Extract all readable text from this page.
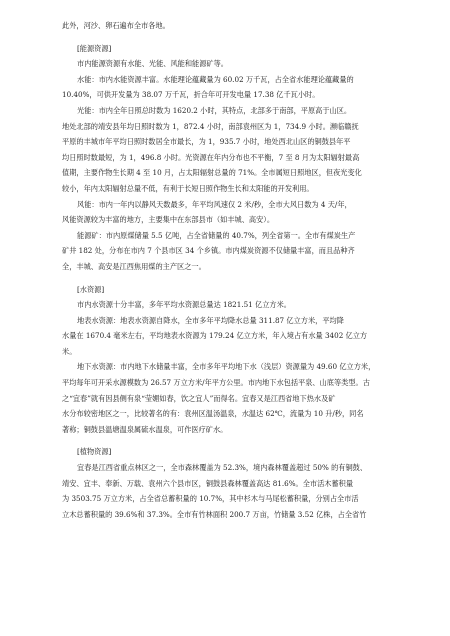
此外，河沙、卵石遍布全市各地。

[能源资源]

市内能源资源有水能、光能、风能和能源矿等。

水能：市内水能资源丰富。水能理论蕴藏量为 60.02 万千瓦，占全省水能理论蕴藏量的

10.40%，可供开发量为 38.07 万千瓦，折合年可开发电量 17.38 亿千瓦小时。

光能：市内全年日照总时数为 1620.2 小时，其特点，北部多于南部，平原高于山区。

地处北部的靖安县年均日照时数为 1，872.4 小时，南部袁州区为 1，734.9 小时。濒临赣抚

平原的丰城市年平均日照时数居全市最长，为 1，935.7 小时，地处西北山区的铜鼓县年平

均日照时数最短，为 1，496.8 小时。光资源在年内分布也不平衡，7 至 8 月为太阳辐射最高

值期，主要作物生长期 4 至 10 月，占太阳辐射总量的 71%。全市属短日照地区，但夜光变化

较小，年内太阳辐射总量不低，有利于长短日照作物生长和太阳能的开发利用。

风能：市内一年内以静风天数最多，年平均风速仅 2 米/秒，全市大风日数为 4 天/年，

风能资源较为丰富的地方，主要集中在东部县市（如丰城、高安）。

能源矿：市内原煤储量 5.5 亿吨，占全省储量的 40.7%，列全省第一。全市有煤炭生产

矿井 182 处，分布在市内 7 个县市区 34 个乡镇。市内煤炭资源不仅储量丰富，而且品种齐

全，丰城、高安是江西焦用煤的主产区之一。

[水资源]

市内水资源十分丰富，多年平均水资源总量达 1821.51 亿立方米。

地表水资源：地表水资源自降水，全市多年平均降水总量 311.87 亿立方米，平均降

水量在 1670.4 毫米左右，平均地表水资源为 179.24 亿立方米，年入境占有水量 3402 亿立方

米。

地下水资源：市内地下水储量丰富，全市多年平均地下水（浅层）资源量为 49.60 亿立方米，

平均每年可开采水源模数为 26.57 万立方米/年平方公里。市内地下水包括平泉、山底等类型。古

之“宜春”就有因县侧有泉“莹媚如春，饮之宜人”而得名。宜春又是江西省地下热水及矿

水分布较密地区之一，比较著名的有：袁州区温汤温泉，水温达 62℃，流量为 10 升/秒，同名

著称；铜鼓县温塘温泉属硫水温泉，可作医疗矿水。

[植物资源]

宜春是江西省重点林区之一，全市森林覆盖为 52.3%，境内森林覆盖超过 50% 的有铜鼓、

靖安、宜丰、奉新、万载、袁州六个县市区，铜鼓县森林覆盖高达 81.6%。全市活木蓄积量

为 3503.75 万立方米，占全省总蓄积量的 10.7%，其中杉木与马尾松蓄积量，分别占全市活

立木总蓄积量的 39.6%和 37.3%。全市有竹林面积 200.7 万亩，竹储量 3.52 亿株，占全省竹
